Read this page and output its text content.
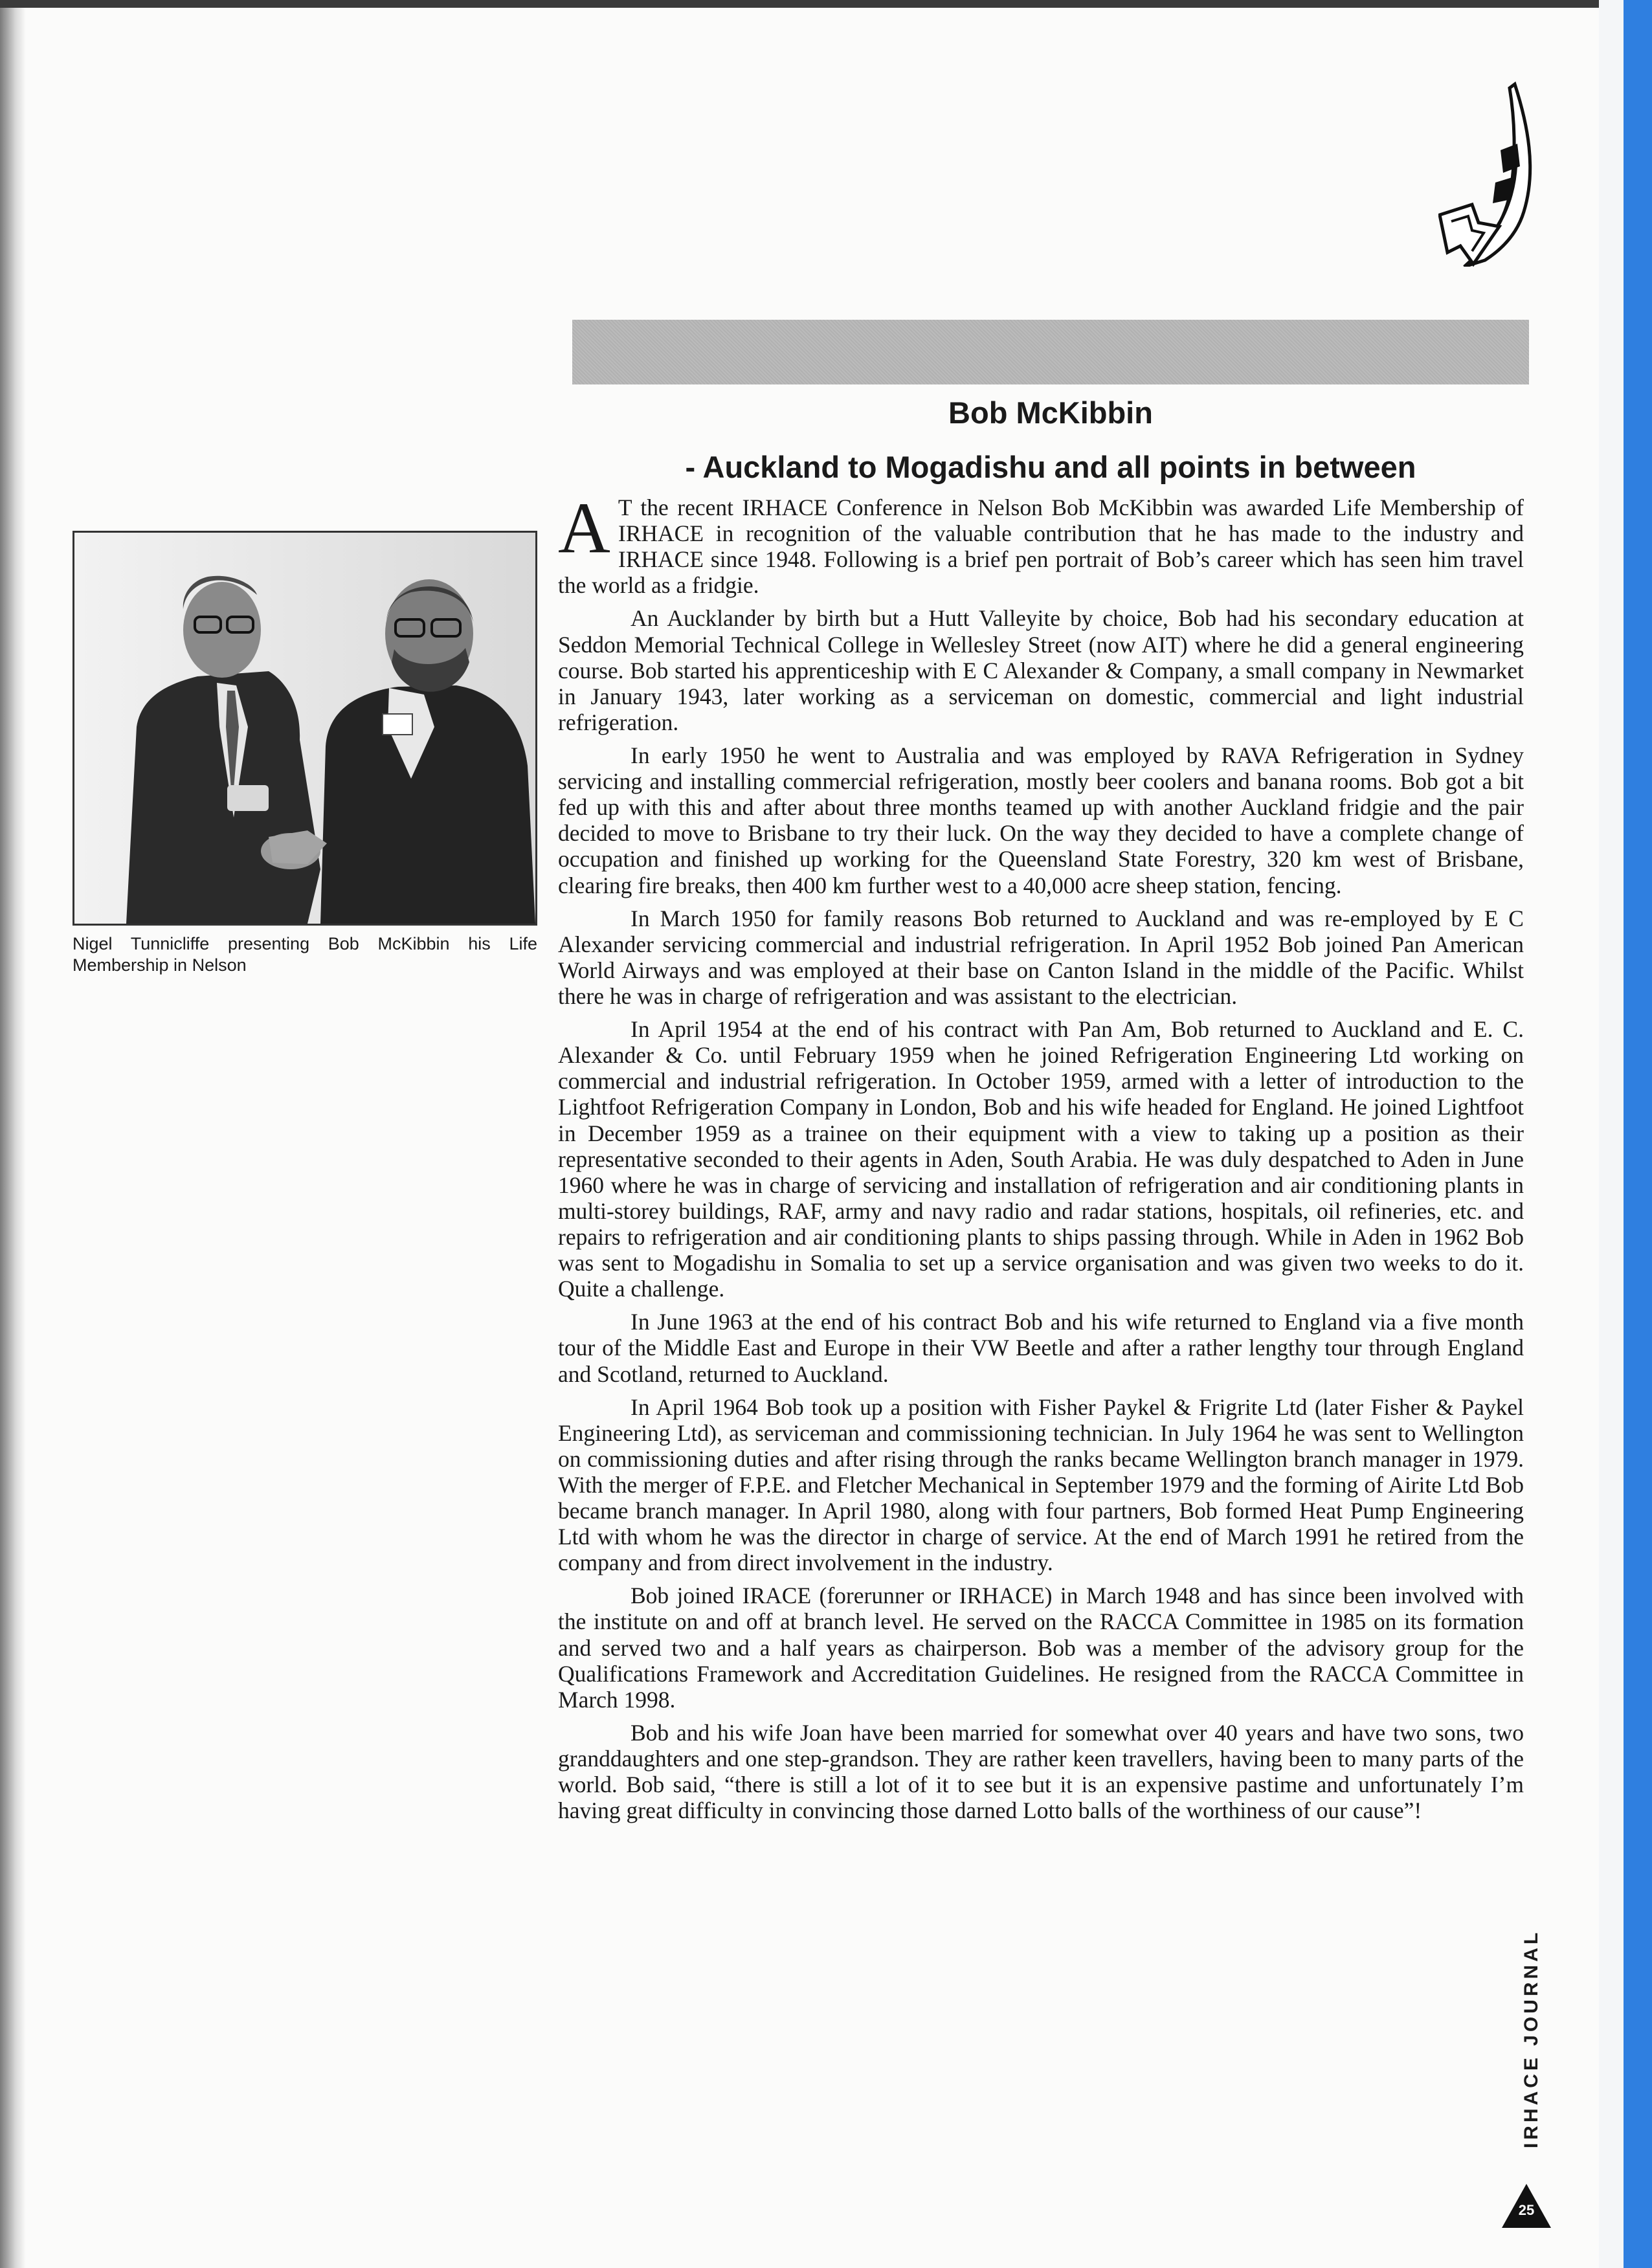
Bob McKibbin
- Auckland to Mogadishu and all points in between

Nigel Tunnicliffe presenting Bob McKibbin his Life Membership in Nelson

A T the recent IRHACE Conference in Nelson Bob McKibbin was awarded Life Membership of IRHACE in recognition of the valuable contribution that he has made to the industry and IRHACE since 1948. Following is a brief pen portrait of Bob’s career which has seen him travel the world as a fridgie.

An Aucklander by birth but a Hutt Valleyite by choice, Bob had his secondary education at Seddon Memorial Technical College in Wellesley Street (now AIT) where he did a general engineering course. Bob started his apprenticeship with E C Alexander & Company, a small company in Newmarket in January 1943, later working as a serviceman on domestic, commercial and light industrial refrigeration.

In early 1950 he went to Australia and was employed by RAVA Refrigeration in Sydney servicing and installing commercial refrigeration, mostly beer coolers and banana rooms. Bob got a bit fed up with this and after about three months teamed up with another Auckland fridgie and the pair decided to move to Brisbane to try their luck. On the way they decided to have a complete change of occupation and finished up working for the Queensland State Forestry, 320 km west of Brisbane, clearing fire breaks, then 400 km further west to a 40,000 acre sheep station, fencing.

In March 1950 for family reasons Bob returned to Auckland and was re-employed by E C Alexander servicing commercial and industrial refrigeration. In April 1952 Bob joined Pan American World Airways and was employed at their base on Canton Island in the middle of the Pacific. Whilst there he was in charge of refrigeration and was assistant to the electrician.

In April 1954 at the end of his contract with Pan Am, Bob returned to Auckland and E. C. Alexander & Co. until February 1959 when he joined Refrigeration Engineering Ltd working on commercial and industrial refrigeration. In October 1959, armed with a letter of introduction to the Lightfoot Refrigeration Company in London, Bob and his wife headed for England. He joined Lightfoot in December 1959 as a trainee on their equipment with a view to taking up a position as their representative seconded to their agents in Aden, South Arabia. He was duly despatched to Aden in June 1960 where he was in charge of servicing and installation of refrigeration and air conditioning plants in multi-storey buildings, RAF, army and navy radio and radar stations, hospitals, oil refineries, etc. and repairs to refrigeration and air conditioning plants to ships passing through. While in Aden in 1962 Bob was sent to Mogadishu in Somalia to set up a service organisation and was given two weeks to do it. Quite a challenge.

In June 1963 at the end of his contract Bob and his wife returned to England via a five month tour of the Middle East and Europe in their VW Beetle and after a rather lengthy tour through England and Scotland, returned to Auckland.

In April 1964 Bob took up a position with Fisher Paykel & Frigrite Ltd (later Fisher & Paykel Engineering Ltd), as serviceman and commissioning technician. In July 1964 he was sent to Wellington on commissioning duties and after rising through the ranks became Wellington branch manager in 1979. With the merger of F.P.E. and Fletcher Mechanical in September 1979 and the forming of Airite Ltd Bob became branch manager. In April 1980, along with four partners, Bob formed Heat Pump Engineering Ltd with whom he was the director in charge of service. At the end of March 1991 he retired from the company and from direct involvement in the industry.

Bob joined IRACE (forerunner or IRHACE) in March 1948 and has since been involved with the institute on and off at branch level. He served on the RACCA Committee in 1985 on its formation and served two and a half years as chairperson. Bob was a member of the advisory group for the Qualifications Framework and Accreditation Guidelines. He resigned from the RACCA Committee in March 1998.

Bob and his wife Joan have been married for somewhat over 40 years and have two sons, two granddaughters and one step-grandson. They are rather keen travellers, having been to many parts of the world. Bob said, “there is still a lot of it to see but it is an expensive pastime and unfortunately I’m having great difficulty in convincing those darned Lotto balls of the worthiness of our cause”!

IRHACE JOURNAL
25
